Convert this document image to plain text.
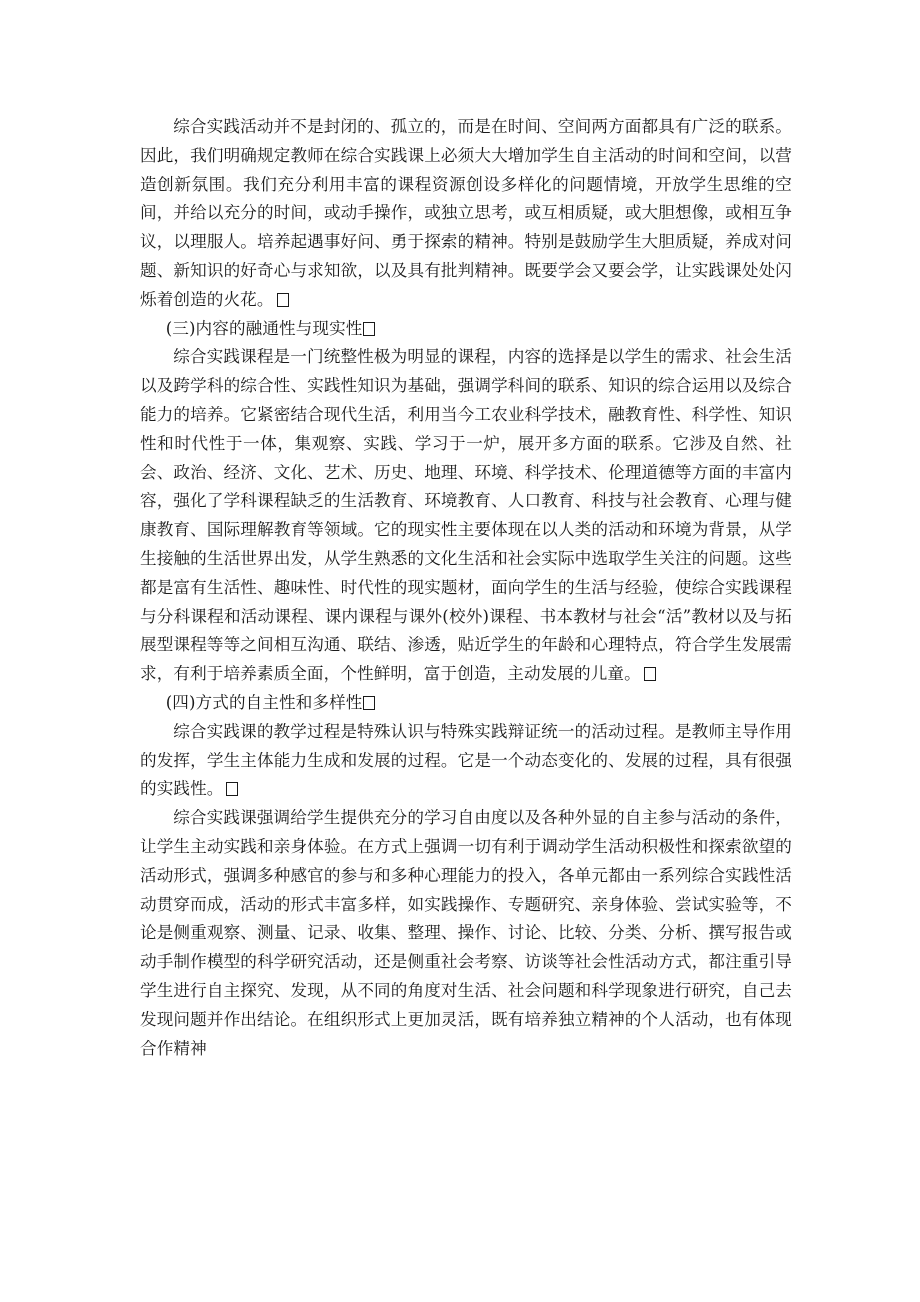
综合实践活动并不是封闭的、孤立的，而是在时间、空间两方面都具有广泛的联系。因此，我们明确规定教师在综合实践课上必须大大增加学生自主活动的时间和空间，以营造创新氛围。我们充分利用丰富的课程资源创设多样化的问题情境，开放学生思维的空间，并给以充分的时间，或动手操作，或独立思考，或互相质疑，或大胆想像，或相互争议，以理服人。培养起遇事好问、勇于探索的精神。特别是鼓励学生大胆质疑，养成对问题、新知识的好奇心与求知欲，以及具有批判精神。既要学会又要会学，让实践课处处闪烁着创造的火花。

(三)内容的融通性与现实性

综合实践课程是一门统整性极为明显的课程，内容的选择是以学生的需求、社会生活以及跨学科的综合性、实践性知识为基础，强调学科间的联系、知识的综合运用以及综合能力的培养。它紧密结合现代生活，利用当今工农业科学技术，融教育性、科学性、知识性和时代性于一体，集观察、实践、学习于一炉，展开多方面的联系。它涉及自然、社会、政治、经济、文化、艺术、历史、地理、环境、科学技术、伦理道德等方面的丰富内容，强化了学科课程缺乏的生活教育、环境教育、人口教育、科技与社会教育、心理与健康教育、国际理解教育等领域。它的现实性主要体现在以人类的活动和环境为背景，从学生接触的生活世界出发，从学生熟悉的文化生活和社会实际中选取学生关注的问题。这些都是富有生活性、趣味性、时代性的现实题材，面向学生的生活与经验，使综合实践课程与分科课程和活动课程、课内课程与课外(校外)课程、书本教材与社会“活”教材以及与拓展型课程等等之间相互沟通、联结、渗透，贴近学生的年龄和心理特点，符合学生发展需求，有利于培养素质全面，个性鲜明，富于创造，主动发展的儿童。

(四)方式的自主性和多样性

综合实践课的教学过程是特殊认识与特殊实践辩证统一的活动过程。是教师主导作用的发挥，学生主体能力生成和发展的过程。它是一个动态变化的、发展的过程，具有很强的实践性。

综合实践课强调给学生提供充分的学习自由度以及各种外显的自主参与活动的条件，让学生主动实践和亲身体验。在方式上强调一切有利于调动学生活动积极性和探索欲望的活动形式，强调多种感官的参与和多种心理能力的投入，各单元都由一系列综合实践性活动贯穿而成，活动的形式丰富多样，如实践操作、专题研究、亲身体验、尝试实验等，不论是侧重观察、测量、记录、收集、整理、操作、讨论、比较、分类、分析、撰写报告或动手制作模型的科学研究活动，还是侧重社会考察、访谈等社会性活动方式，都注重引导学生进行自主探究、发现，从不同的角度对生活、社会问题和科学现象进行研究，自己去发现问题并作出结论。在组织形式上更加灵活，既有培养独立精神的个人活动，也有体现合作精神
